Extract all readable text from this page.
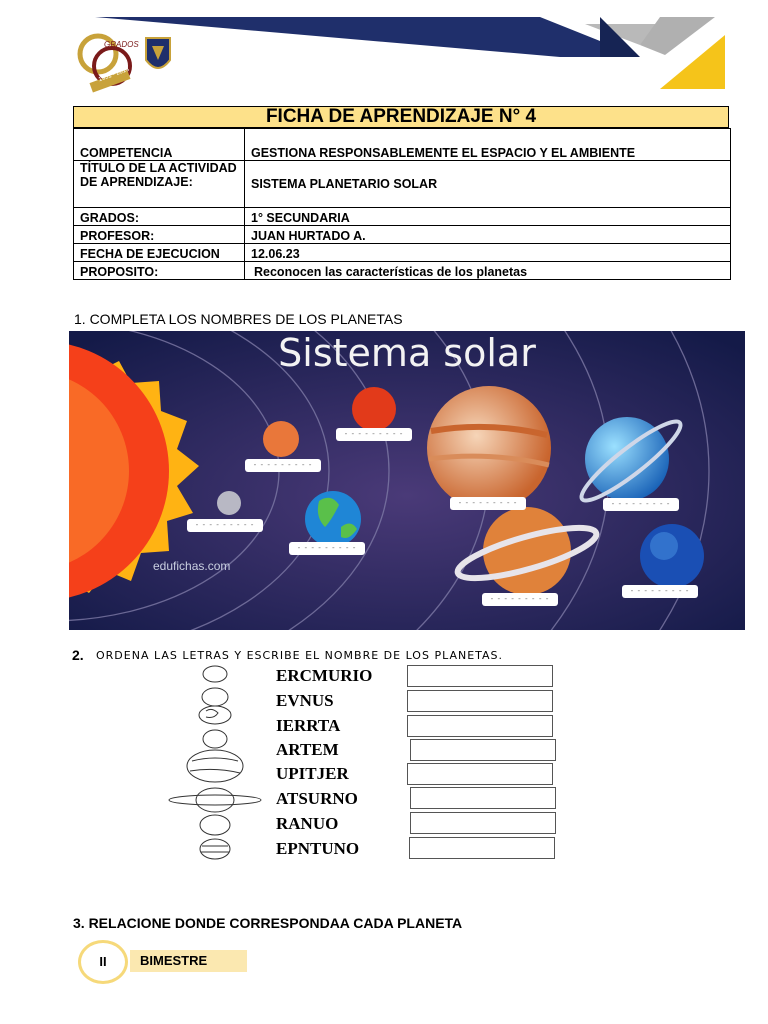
GRADOS
1951 - 2013
FICHA DE APRENDIZAJE N° 4
COMPETENCIA	GESTIONA RESPONSABLEMENTE EL ESPACIO Y EL AMBIENTE
TÍTULO DE LA ACTIVIDAD DE APRENDIZAJE:	SISTEMA PLANETARIO SOLAR
GRADOS:	1° SECUNDARIA
PROFESOR:	JUAN HURTADO A.
FECHA DE EJECUCION	12.06.23
PROPOSITO:	Reconocen las características de los planetas
1. COMPLETA LOS NOMBRES DE LOS PLANETAS
Sistema solar
- - - - - - - - -
- - - - - - - - -
- - - - - - - - -
- - - - - - - - -
- - - - - - - - -	- - - - - - - - -
- - - - - - - - -
- - - - - - - - -
edufichas.com
2. ORDENA LAS LETRAS Y ESCRIBE EL NOMBRE DE LOS PLANETAS.
ERCMURIO
EVNUS
IERRTA
ARTEM
UPITJER
ATSURNO
RANUO
EPNTUNO
3. RELACIONE DONDE CORRESPONDAA CADA PLANETA
II	BIMESTRE
